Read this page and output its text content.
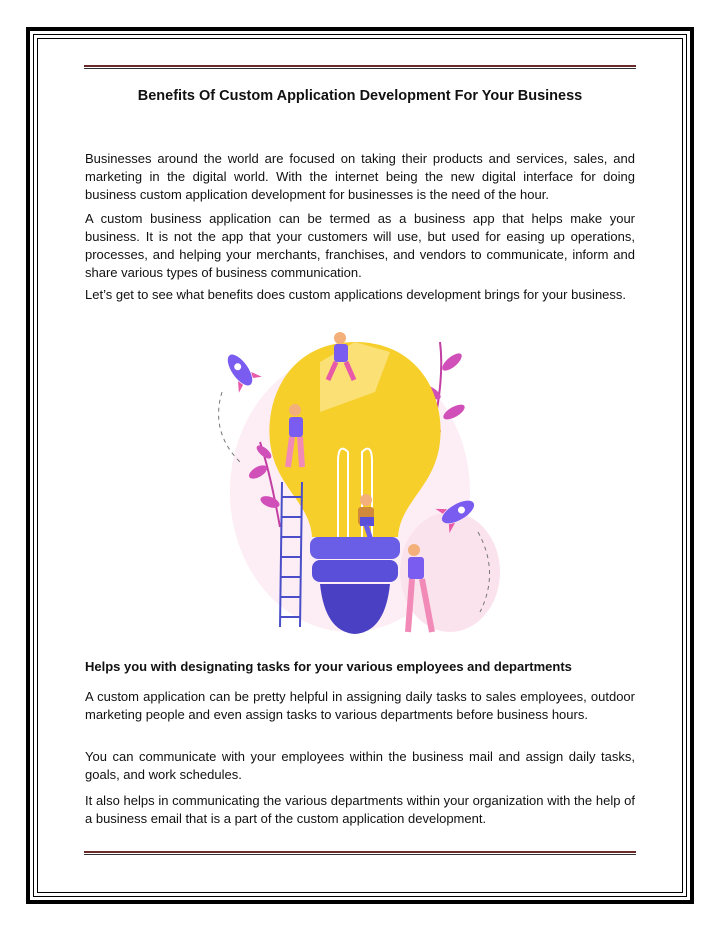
Benefits Of Custom Application Development For Your Business

Businesses around the world are focused on taking their products and services, sales, and marketing in the digital world. With the internet being the new digital interface for doing business custom application development for businesses is the need of the hour.

A custom business application can be termed as a business app that helps make your business. It is not the app that your customers will use, but used for easing up operations, processes, and helping your merchants, franchises, and vendors to communicate, inform and share various types of business communication.

Let’s get to see what benefits does custom applications development brings for your business.

Helps you with designating tasks for your various employees and departments

A custom application can be pretty helpful in assigning daily tasks to sales employees, outdoor marketing people and even assign tasks to various departments before business hours.

You can communicate with your employees within the business mail and assign daily tasks, goals, and work schedules.

It also helps in communicating the various departments within your organization with the help of a business email that is a part of the custom application development.
